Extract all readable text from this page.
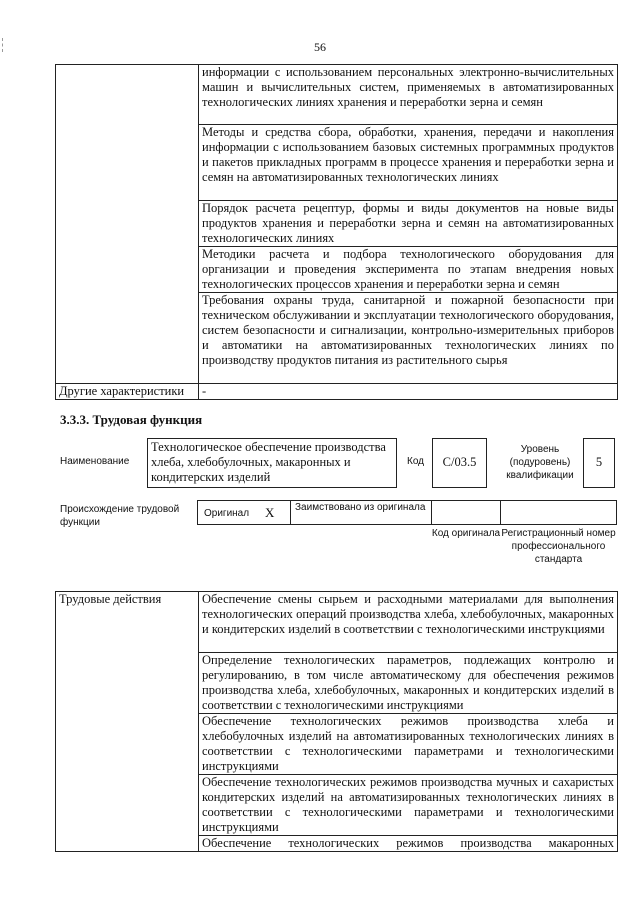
56
	информации с использованием персональных электронно-вычислительных машин и вычислительных систем, применяемых в автоматизированных технологических линиях хранения и переработки зерна и семян
	Методы и средства сбора, обработки, хранения, передачи и накопления информации с использованием базовых системных программных продуктов и пакетов прикладных программ в процессе хранения и переработки зерна и семян на автоматизированных технологических линиях
	Порядок расчета рецептур, формы и виды документов на новые виды продуктов хранения и переработки зерна и семян на автоматизированных технологических линиях
	Методики расчета и подбора технологического оборудования для организации и проведения эксперимента по этапам внедрения новых технологических процессов хранения и переработки зерна и семян
	Требования охраны труда, санитарной и пожарной безопасности при техническом обслуживании и эксплуатации технологического оборудования, систем безопасности и сигнализации, контрольно-измерительных приборов и автоматики на автоматизированных технологических линиях по производству продуктов питания из растительного сырья
Другие характеристики	-
3.3.3. Трудовая функция
Наименование
Технологическое обеспечение производства хлеба, хлебобулочных, макаронных и кондитерских изделий
Код	C/03.5
Уровень (подуровень) квалификации
5
Происхождение трудовой функции
Оригинал X	Заимствовано из оригинала
Код оригинала Регистрационный номер профессионального стандарта
Трудовые действия	Обеспечение смены сырьем и расходными материалами для выполнения технологических операций производства хлеба, хлебобулочных, макаронных и кондитерских изделий в соответствии с технологическими инструкциями
Определение технологических параметров, подлежащих контролю и регулированию, в том числе автоматическому для обеспечения режимов производства хлеба, хлебобулочных, макаронных и кондитерских изделий в соответствии с технологическими инструкциями
Обеспечение технологических режимов производства хлеба и хлебобулочных изделий на автоматизированных технологических линиях в соответствии с технологическими параметрами и технологическими инструкциями
Обеспечение технологических режимов производства мучных и сахаристых кондитерских изделий на автоматизированных технологических линиях в соответствии с технологическими параметрами и технологическими инструкциями
Обеспечение технологических режимов производства макаронных
